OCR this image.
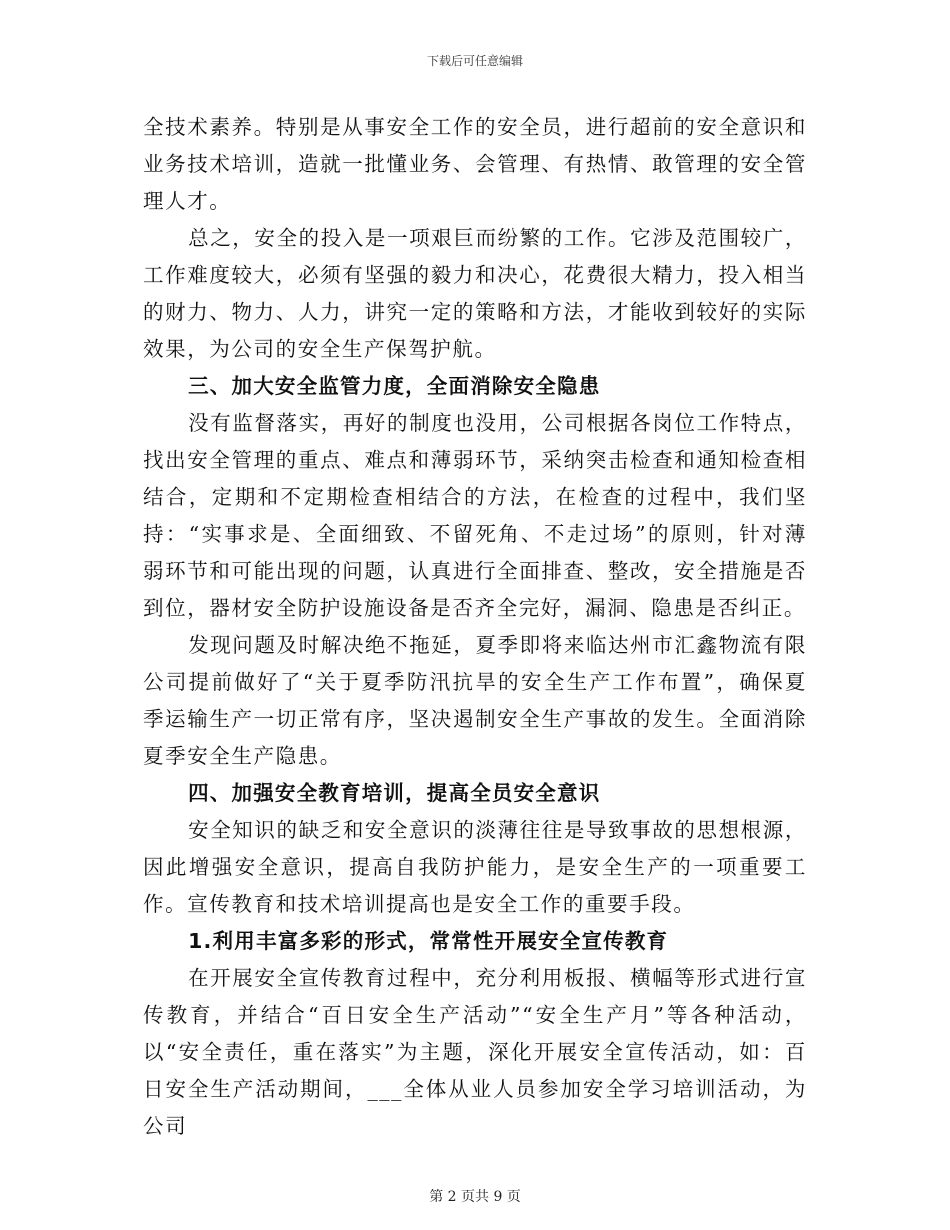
下载后可任意编辑

全技术素养。特别是从事安全工作的安全员，进行超前的安全意识和业务技术培训，造就一批懂业务、会管理、有热情、敢管理的安全管理人才。

总之，安全的投入是一项艰巨而纷繁的工作。它涉及范围较广，工作难度较大，必须有坚强的毅力和决心，花费很大精力，投入相当的财力、物力、人力，讲究一定的策略和方法，才能收到较好的实际效果，为公司的安全生产保驾护航。

三、加大安全监管力度，全面消除安全隐患

没有监督落实，再好的制度也没用，公司根据各岗位工作特点，找出安全管理的重点、难点和薄弱环节，采纳突击检查和通知检查相结合，定期和不定期检查相结合的方法，在检查的过程中，我们坚持：“实事求是、全面细致、不留死角、不走过场”的原则，针对薄弱环节和可能出现的问题，认真进行全面排查、整改，安全措施是否到位，器材安全防护设施设备是否齐全完好，漏洞、隐患是否纠正。

发现问题及时解决绝不拖延，夏季即将来临达州市汇鑫物流有限公司提前做好了“关于夏季防汛抗旱的安全生产工作布置”，确保夏季运输生产一切正常有序，坚决遏制安全生产事故的发生。全面消除夏季安全生产隐患。

四、加强安全教育培训，提高全员安全意识

安全知识的缺乏和安全意识的淡薄往往是导致事故的思想根源，因此增强安全意识，提高自我防护能力，是安全生产的一项重要工作。宣传教育和技术培训提高也是安全工作的重要手段。

1.利用丰富多彩的形式，常常性开展安全宣传教育

在开展安全宣传教育过程中，充分利用板报、横幅等形式进行宣传教育，并结合“百日安全生产活动”“安全生产月”等各种活动，以“安全责任，重在落实”为主题，深化开展安全宣传活动，如：百日安全生产活动期间，___全体从业人员参加安全学习培训活动，为公司

第 2 页共 9 页
